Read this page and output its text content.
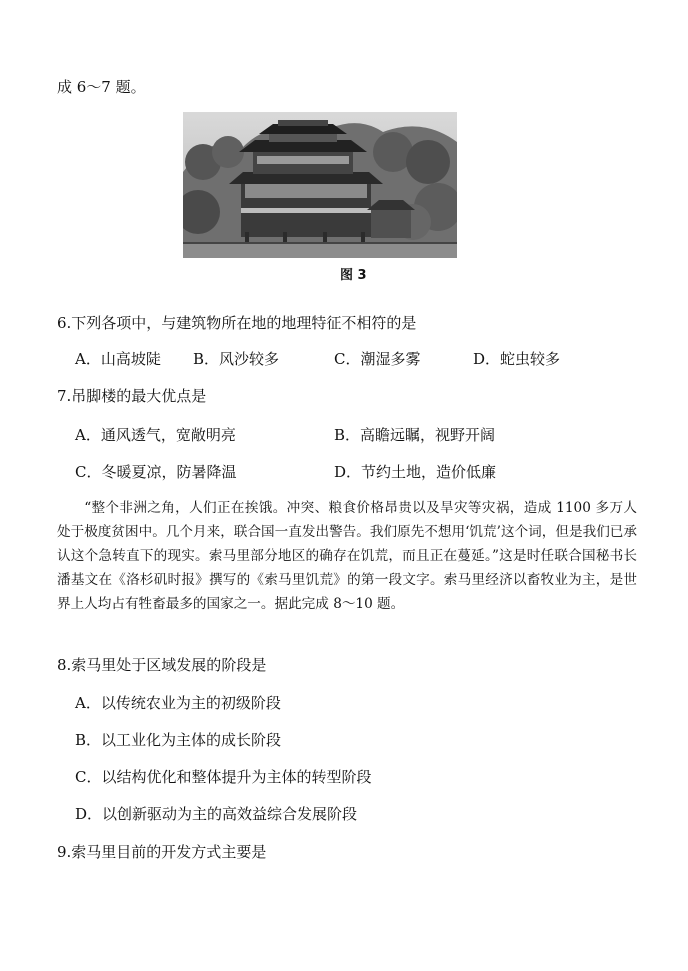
成 6～7 题。
图 3
6.下列各项中，与建筑物所在地的地理特征不相符的是
A．山高坡陡 B．风沙较多	C．潮湿多雾	D．蛇虫较多
7.吊脚楼的最大优点是
A．通风透气，宽敞明亮	B．高瞻远瞩，视野开阔
C．冬暖夏凉，防暑降温	D．节约土地，造价低廉

“整个非洲之角，人们正在挨饿。冲突、粮食价格昂贵以及旱灾等灾祸，造成 1100 多万人处于极度贫困中。几个月来，联合国一直发出警告。我们原先不想用‘饥荒’这个词，但是我们已承认这个急转直下的现实。索马里部分地区的确存在饥荒，而且正在蔓延。”这是时任联合国秘书长潘基文在《洛杉矶时报》撰写的《索马里饥荒》的第一段文字。索马里经济以畜牧业为主，是世界上人均占有牲畜最多的国家之一。据此完成 8～10 题。

8.索马里处于区域发展的阶段是
A．以传统农业为主的初级阶段
B．以工业化为主体的成长阶段
C．以结构优化和整体提升为主体的转型阶段
D．以创新驱动为主的高效益综合发展阶段
9.索马里目前的开发方式主要是
